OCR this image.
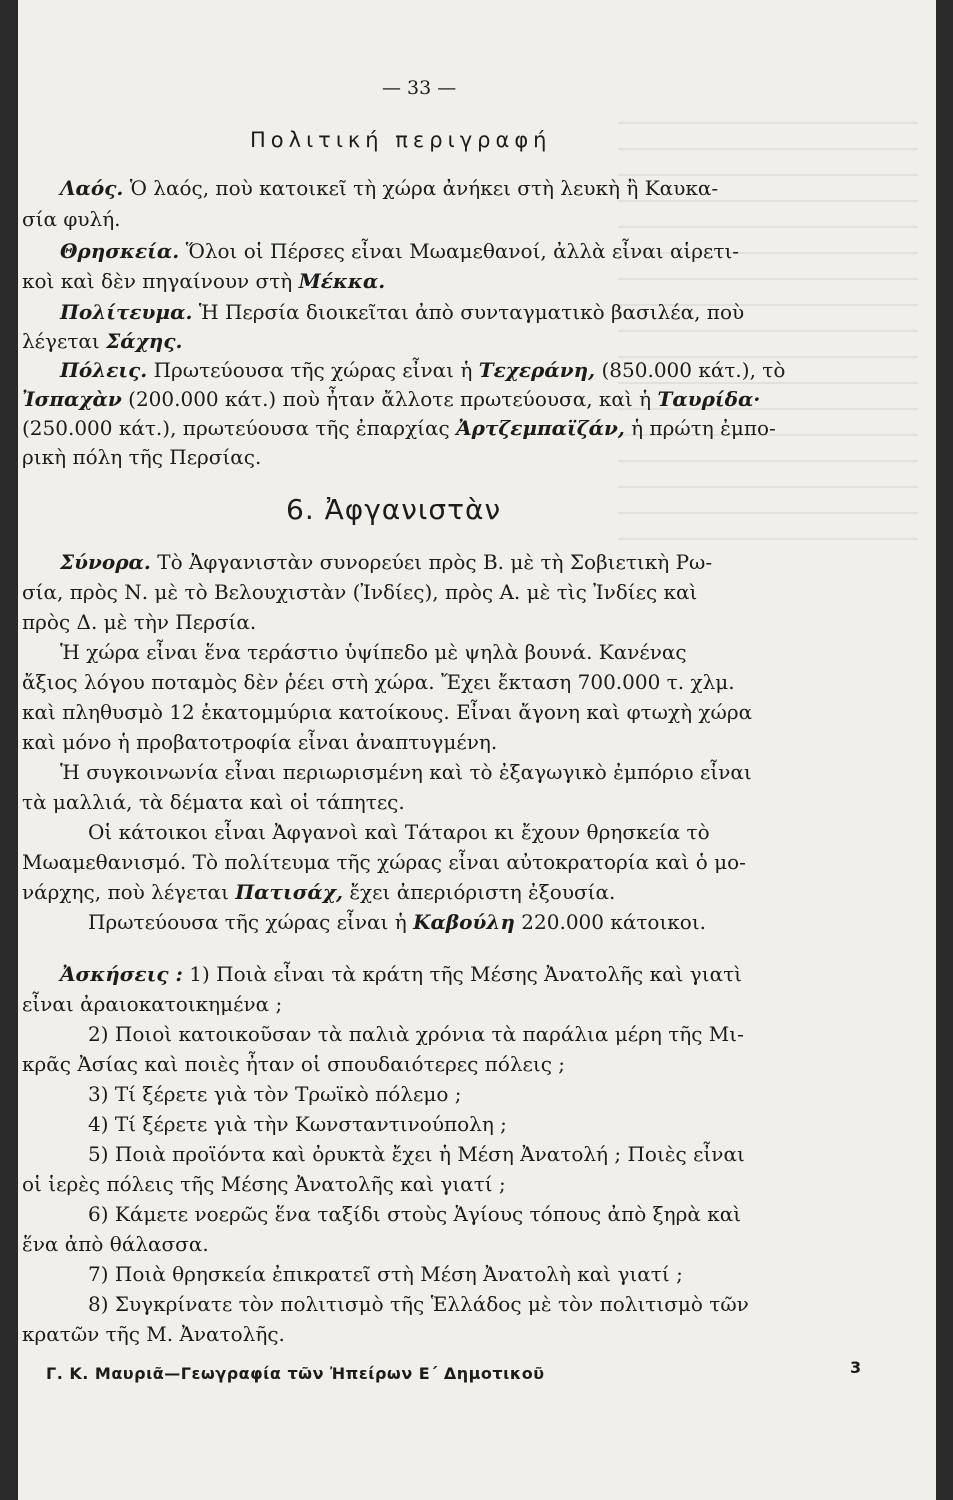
— 33 —
Πολιτική περιγραφή
Λαός. Ὁ λαός, ποὺ κατοικεῖ τὴ χώρα ἀνήκει στὴ λευκὴ ἢ Καυκα-
σία φυλή.
Θρησκεία. Ὅλοι οἱ Πέρσες εἶναι Μωαμεθανοί, ἀλλὰ εἶναι αἱρετι-
κοὶ καὶ δὲν πηγαίνουν στὴ Μέκκα.
Πολίτευμα. Ἡ Περσία διοικεῖται ἀπὸ συνταγματικὸ βασιλέα, ποὺ
λέγεται Σάχης.
Πόλεις. Πρωτεύουσα τῆς χώρας εἶναι ἡ Τεχεράνη, (850.000 κάτ.), τὸ
Ἰσπαχὰν (200.000 κάτ.) ποὺ ἦταν ἄλλοτε πρωτεύουσα, καὶ ἡ Ταυρίδα·
(250.000 κάτ.), πρωτεύουσα τῆς ἐπαρχίας Ἀρτζεμπαϊζάν, ἡ πρώτη ἐμπο-
ρικὴ πόλη τῆς Περσίας.
6. Ἀφγανιστὰν
Σύνορα. Τὸ Ἀφγανιστὰν συνορεύει πρὸς Β. μὲ τὴ Σοβιετικὴ Ρω-
σία, πρὸς Ν. μὲ τὸ Βελουχιστὰν (Ἰνδίες), πρὸς Α. μὲ τὶς Ἰνδίες καὶ
πρὸς Δ. μὲ τὴν Περσία.
Ἡ χώρα εἶναι ἕνα τεράστιο ὑψίπεδο μὲ ψηλὰ βουνά. Κανένας
ἄξιος λόγου ποταμὸς δὲν ῥέει στὴ χώρα. Ἔχει ἔκταση 700.000 τ. χλμ.
καὶ πληθυσμὸ 12 ἑκατομμύρια κατοίκους. Εἶναι ἄγονη καὶ φτωχὴ χώρα
καὶ μόνο ἡ προβατοτροφία εἶναι ἀναπτυγμένη.
Ἡ συγκοινωνία εἶναι περιωρισμένη καὶ τὸ ἐξαγωγικὸ ἐμπόριο εἶναι
τὰ μαλλιά, τὰ δέματα καὶ οἱ τάπητες.
Οἱ κάτοικοι εἶναι Ἀφγανοὶ καὶ Τάταροι κι ἔχουν θρησκεία τὸ
Μωαμεθανισμό. Τὸ πολίτευμα τῆς χώρας εἶναι αὐτοκρατορία καὶ ὁ μο-
νάρχης, ποὺ λέγεται Πατισάχ, ἔχει ἀπεριόριστη ἐξουσία.
Πρωτεύουσα τῆς χώρας εἶναι ἡ Καβούλη 220.000 κάτοικοι.
Ἀσκήσεις : 1) Ποιὰ εἶναι τὰ κράτη τῆς Μέσης Ἀνατολῆς καὶ γιατὶ
εἶναι ἀραιοκατοικημένα ;
2) Ποιοὶ κατοικοῦσαν τὰ παλιὰ χρόνια τὰ παράλια μέρη τῆς Μι-
κρᾶς Ἀσίας καὶ ποιὲς ἦταν οἱ σπουδαιότερες πόλεις ;
3) Τί ξέρετε γιὰ τὸν Τρωϊκὸ πόλεμο ;
4) Τί ξέρετε γιὰ τὴν Κωνσταντινούπολη ;
5) Ποιὰ προϊόντα καὶ ὀρυκτὰ ἔχει ἡ Μέση Ἀνατολή ; Ποιὲς εἶναι
οἱ ἱερὲς πόλεις τῆς Μέσης Ἀνατολῆς καὶ γιατί ;
6) Κάμετε νοερῶς ἕνα ταξίδι στοὺς Ἁγίους τόπους ἀπὸ ξηρὰ καὶ
ἕνα ἀπὸ θάλασσα.
7) Ποιὰ θρησκεία ἐπικρατεῖ στὴ Μέση Ἀνατολὴ καὶ γιατί ;
8) Συγκρίνατε τὸν πολιτισμὸ τῆς Ἑλλάδος μὲ τὸν πολιτισμὸ τῶν
κρατῶν τῆς Μ. Ἀνατολῆς.
Γ. Κ. Μαυριᾶ—Γεωγραφία τῶν Ἠπείρων Ε΄ Δημοτικοῦ	3
